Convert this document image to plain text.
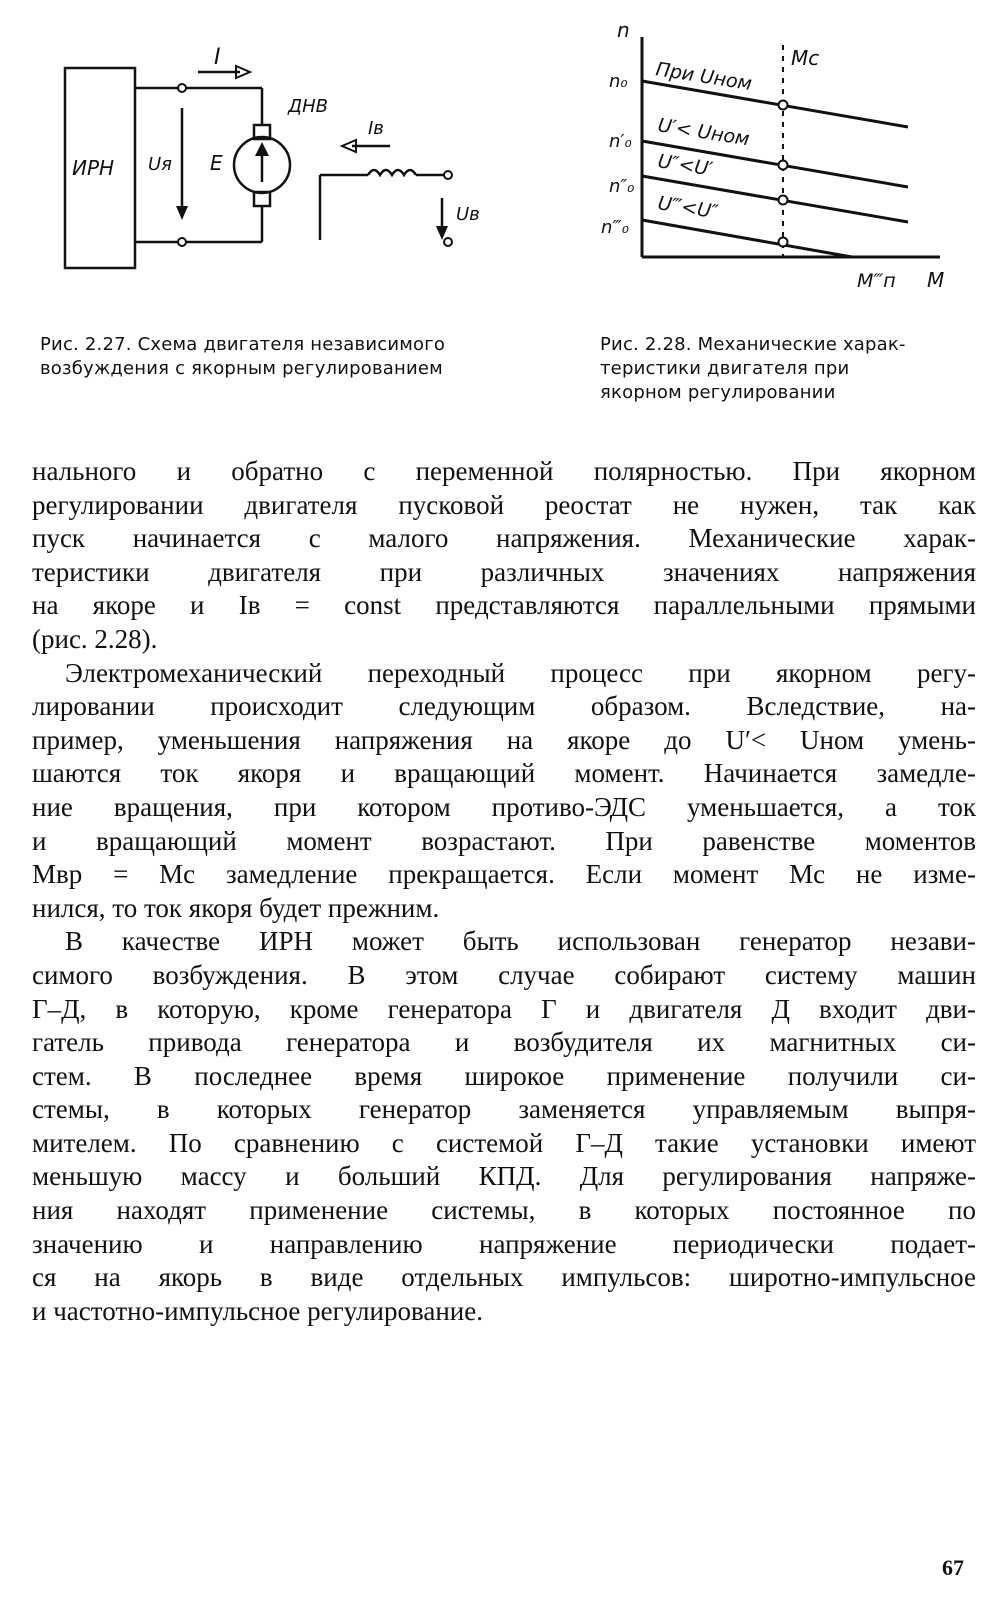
ИРН Uя E
I
ДНВ
Iв
Uв
n
n₀
n′₀
n″₀
n‴₀
При Uном
U′< Uном
U″<U′
U‴<U″
Mc
M‴п M
Рис. 2.27. Схема двигателя независимого
возбуждения с якорным регулированием
Рис. 2.28. Механические харак-
теристики двигателя при
якорном регулировании
нального и обратно с переменной полярностью. При якорном
регулировании двигателя пусковой реостат не нужен, так как
пуск начинается с малого напряжения. Механические харак-
теристики двигателя при различных значениях напряжения
на якоре и Iв = const представляются параллельными прямыми
(рис. 2.28).
Электромеханический переходный процесс при якорном регу-
лировании происходит следующим образом. Вследствие, на-
пример, уменьшения напряжения на якоре до U′< Uном умень-
шаются ток якоря и вращающий момент. Начинается замедле-
ние вращения, при котором противо-ЭДС уменьшается, а ток
и вращающий момент возрастают. При равенстве моментов
Mвр = Mс замедление прекращается. Если момент Mс не изме-
нился, то ток якоря будет прежним.
В качестве ИРН может быть использован генератор незави-
симого возбуждения. В этом случае собирают систему машин
Г–Д, в которую, кроме генератора Г и двигателя Д входит дви-
гатель привода генератора и возбудителя их магнитных си-
стем. В последнее время широкое применение получили си-
стемы, в которых генератор заменяется управляемым выпря-
мителем. По сравнению с системой Г–Д такие установки имеют
меньшую массу и больший КПД. Для регулирования напряже-
ния находят применение системы, в которых постоянное по
значению и направлению напряжение периодически подает-
ся на якорь в виде отдельных импульсов: широтно-импульсное
и частотно-импульсное регулирование.
67
